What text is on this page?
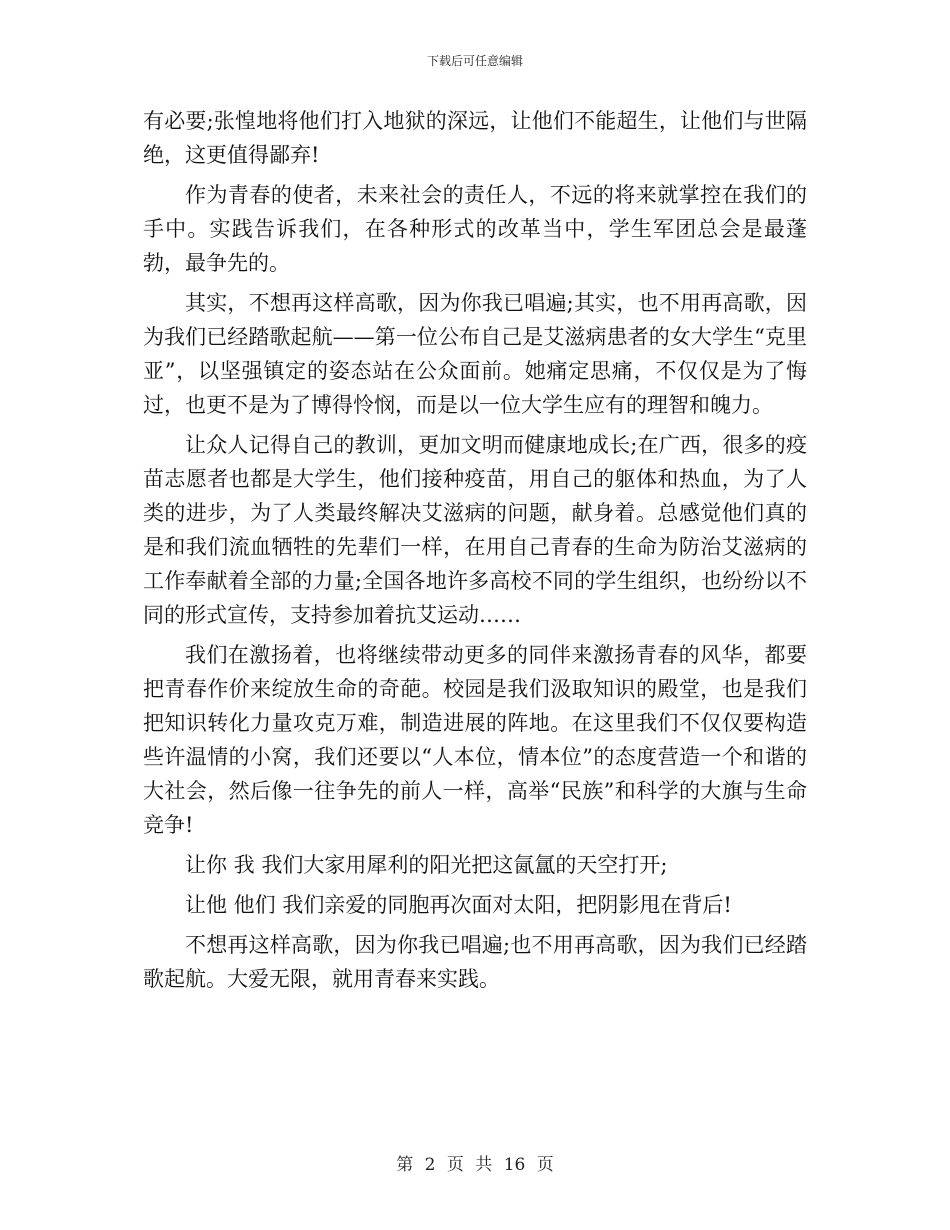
下载后可任意编辑

有必要;张惶地将他们打入地狱的深远，让他们不能超生，让他们与世隔绝，这更值得鄙弃!

作为青春的使者，未来社会的责任人，不远的将来就掌控在我们的手中。实践告诉我们，在各种形式的改革当中，学生军团总会是最蓬勃，最争先的。

其实，不想再这样高歌，因为你我已唱遍;其实，也不用再高歌，因为我们已经踏歌起航——第一位公布自己是艾滋病患者的女大学生“克里亚”，以坚强镇定的姿态站在公众面前。她痛定思痛，不仅仅是为了悔过，也更不是为了博得怜悯，而是以一位大学生应有的理智和魄力。

让众人记得自己的教训，更加文明而健康地成长;在广西，很多的疫苗志愿者也都是大学生，他们接种疫苗，用自己的躯体和热血，为了人类的进步，为了人类最终解决艾滋病的问题，献身着。总感觉他们真的是和我们流血牺牲的先辈们一样，在用自己青春的生命为防治艾滋病的工作奉献着全部的力量;全国各地许多高校不同的学生组织，也纷纷以不同的形式宣传，支持参加着抗艾运动……

我们在激扬着，也将继续带动更多的同伴来激扬青春的风华，都要把青春作价来绽放生命的奇葩。校园是我们汲取知识的殿堂，也是我们把知识转化力量攻克万难，制造进展的阵地。在这里我们不仅仅要构造些许温情的小窝，我们还要以“人本位，情本位”的态度营造一个和谐的大社会，然后像一往争先的前人一样，高举“民族”和科学的大旗与生命竞争!

让你 我 我们大家用犀利的阳光把这氤氲的天空打开;

让他 他们 我们亲爱的同胞再次面对太阳，把阴影甩在背后!

不想再这样高歌，因为你我已唱遍;也不用再高歌，因为我们已经踏歌起航。大爱无限，就用青春来实践。

第 2 页 共 16 页
